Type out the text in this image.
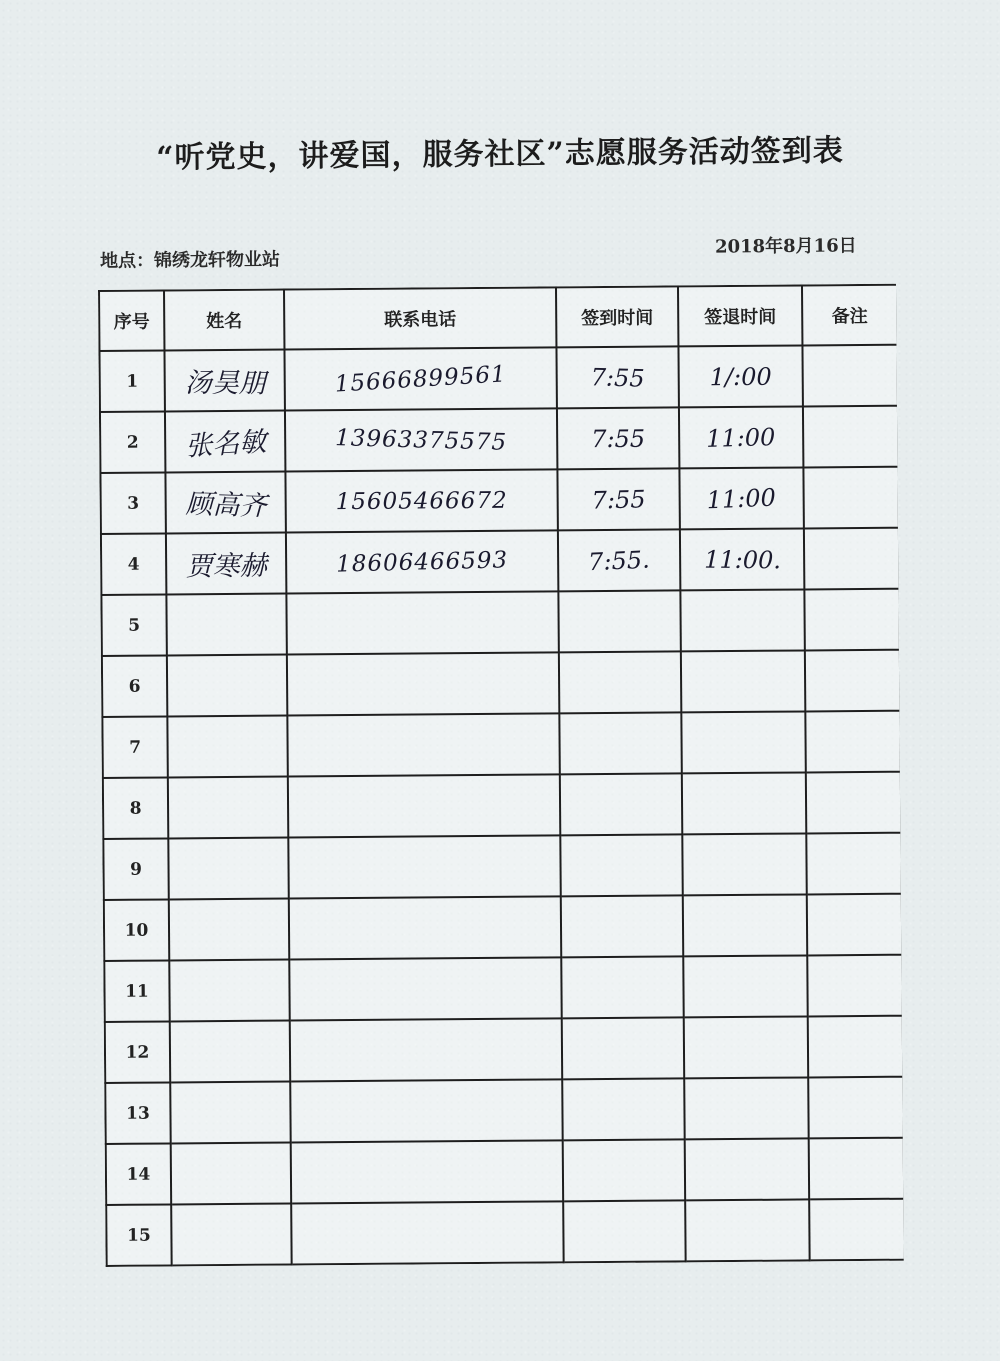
“听党史，讲爱国，服务社区”志愿服务活动签到表
地点：锦绣龙轩物业站
2018年8月16日
序号	姓名	联系电话	签到时间	签退时间	备注
1	汤昊朋	15666899561	7:55	1/:00	
2	张名敏	13963375575	7:55	11:00	
3	顾高齐	15605466672	7:55	11:00	
4	贾寒赫	18606466593	7:55.	11:00.	
5					
6					
7					
8					
9					
10					
11					
12					
13					
14					
15					
